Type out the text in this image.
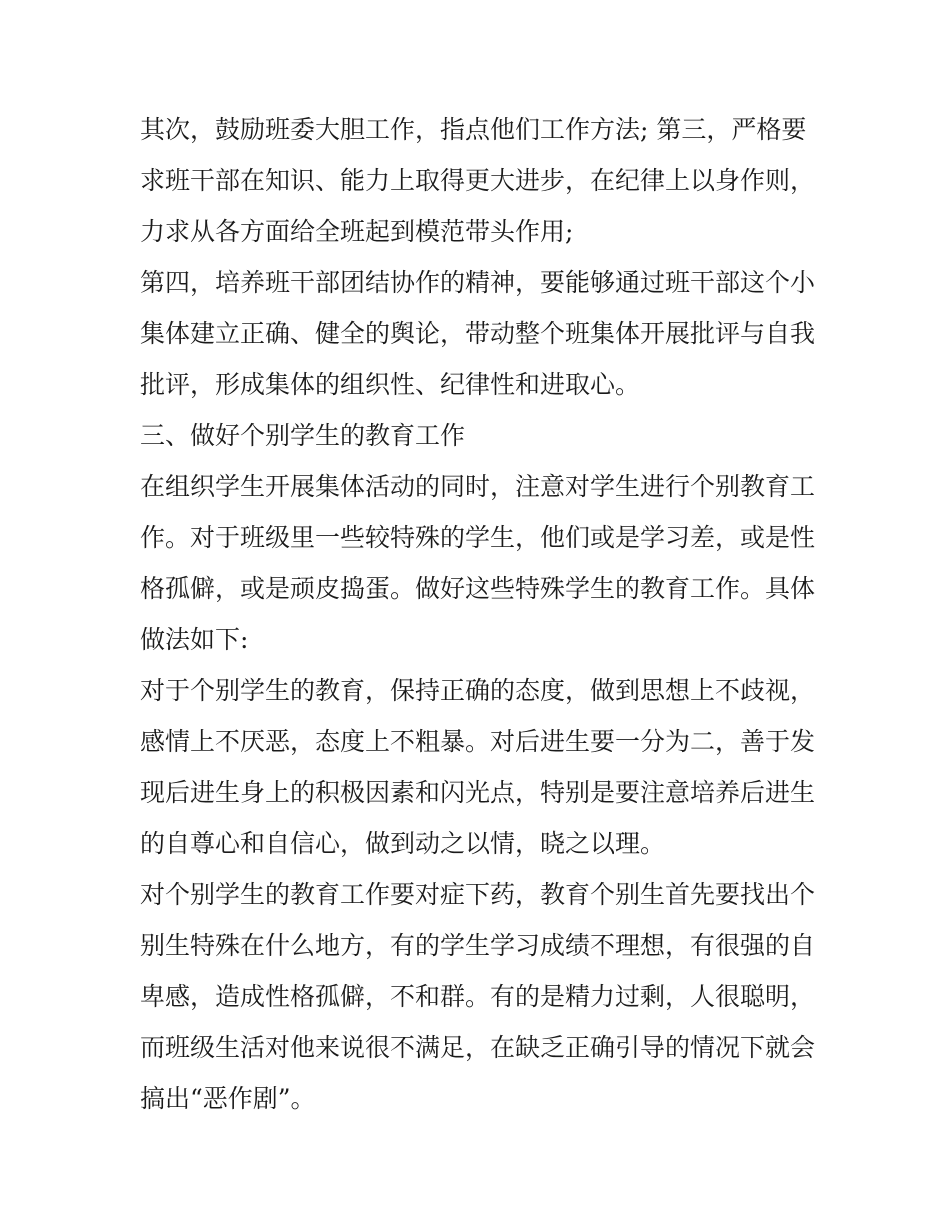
其次，鼓励班委大胆工作，指点他们工作方法; 第三，严格要
求班干部在知识、能力上取得更大进步，在纪律上以身作则，
力求从各方面给全班起到模范带头作用;
第四，培养班干部团结协作的精神，要能够通过班干部这个小
集体建立正确、健全的舆论，带动整个班集体开展批评与自我
批评，形成集体的组织性、纪律性和进取心。
三、做好个别学生的教育工作
在组织学生开展集体活动的同时，注意对学生进行个别教育工
作。对于班级里一些较特殊的学生，他们或是学习差，或是性
格孤僻，或是顽皮捣蛋。做好这些特殊学生的教育工作。具体
做法如下:
对于个别学生的教育，保持正确的态度，做到思想上不歧视，
感情上不厌恶，态度上不粗暴。对后进生要一分为二，善于发
现后进生身上的积极因素和闪光点，特别是要注意培养后进生
的自尊心和自信心，做到动之以情，晓之以理。
对个别学生的教育工作要对症下药，教育个别生首先要找出个
别生特殊在什么地方，有的学生学习成绩不理想，有很强的自
卑感，造成性格孤僻，不和群。有的是精力过剩，人很聪明，
而班级生活对他来说很不满足，在缺乏正确引导的情况下就会
搞出“恶作剧”。
